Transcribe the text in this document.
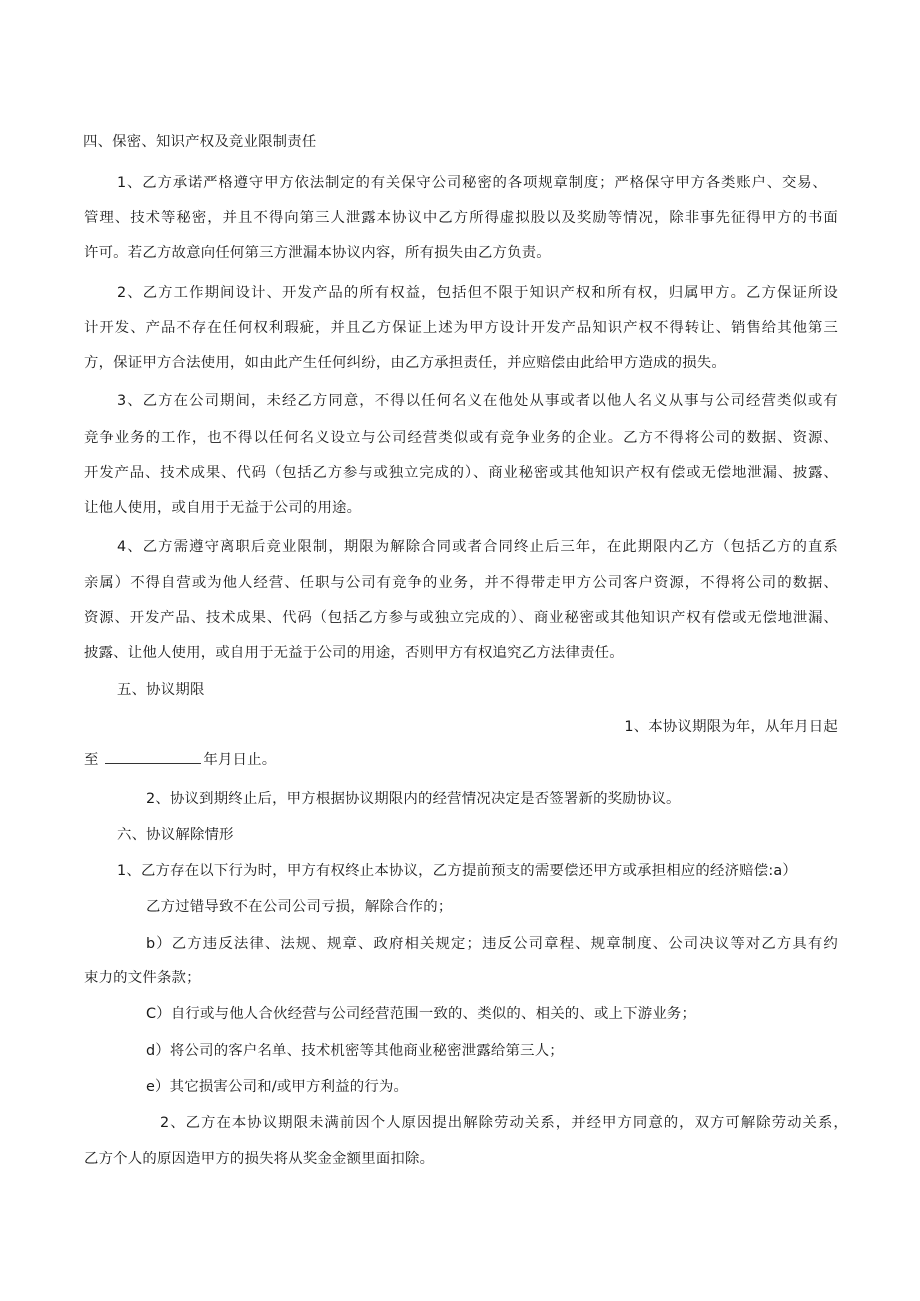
四、保密、知识产权及竞业限制责任
1、乙方承诺严格遵守甲方依法制定的有关保守公司秘密的各项规章制度；严格保守甲方各类账户、交易、
管理、技术等秘密，并且不得向第三人泄露本协议中乙方所得虚拟股以及奖励等情况，除非事先征得甲方的书面
许可。若乙方故意向任何第三方泄漏本协议内容，所有损失由乙方负责。
2、乙方工作期间设计、开发产品的所有权益，包括但不限于知识产权和所有权，归属甲方。乙方保证所设
计开发、产品不存在任何权利瑕疵，并且乙方保证上述为甲方设计开发产品知识产权不得转让、销售给其他第三
方，保证甲方合法使用，如由此产生任何纠纷，由乙方承担责任，并应赔偿由此给甲方造成的损失。
3、乙方在公司期间，未经乙方同意，不得以任何名义在他处从事或者以他人名义从事与公司经营类似或有
竞争业务的工作，也不得以任何名义设立与公司经营类似或有竞争业务的企业。乙方不得将公司的数据、资源、
开发产品、技术成果、代码（包括乙方参与或独立完成的）、商业秘密或其他知识产权有偿或无偿地泄漏、披露、
让他人使用，或自用于无益于公司的用途。
4、乙方需遵守离职后竞业限制，期限为解除合同或者合同终止后三年，在此期限内乙方（包括乙方的直系
亲属）不得自营或为他人经营、任职与公司有竞争的业务，并不得带走甲方公司客户资源，不得将公司的数据、
资源、开发产品、技术成果、代码（包括乙方参与或独立完成的）、商业秘密或其他知识产权有偿或无偿地泄漏、
披露、让他人使用，或自用于无益于公司的用途，否则甲方有权追究乙方法律责任。
五、协议期限
1、本协议期限为年，从年月日起
至	年月日止。
2、协议到期终止后，甲方根据协议期限内的经营情况决定是否签署新的奖励协议。
六、协议解除情形
1、乙方存在以下行为时，甲方有权终止本协议，乙方提前预支的需要偿还甲方或承担相应的经济赔偿:a）
乙方过错导致不在公司公司亏损，解除合作的；
b）乙方违反法律、法规、规章、政府相关规定；违反公司章程、规章制度、公司决议等对乙方具有约
束力的文件条款；
C）自行或与他人合伙经营与公司经营范围一致的、类似的、相关的、或上下游业务；
d）将公司的客户名单、技术机密等其他商业秘密泄露给第三人；
e）其它损害公司和/或甲方利益的行为。
2、乙方在本协议期限未满前因个人原因提出解除劳动关系，并经甲方同意的，双方可解除劳动关系，
乙方个人的原因造甲方的损失将从奖金金额里面扣除。
